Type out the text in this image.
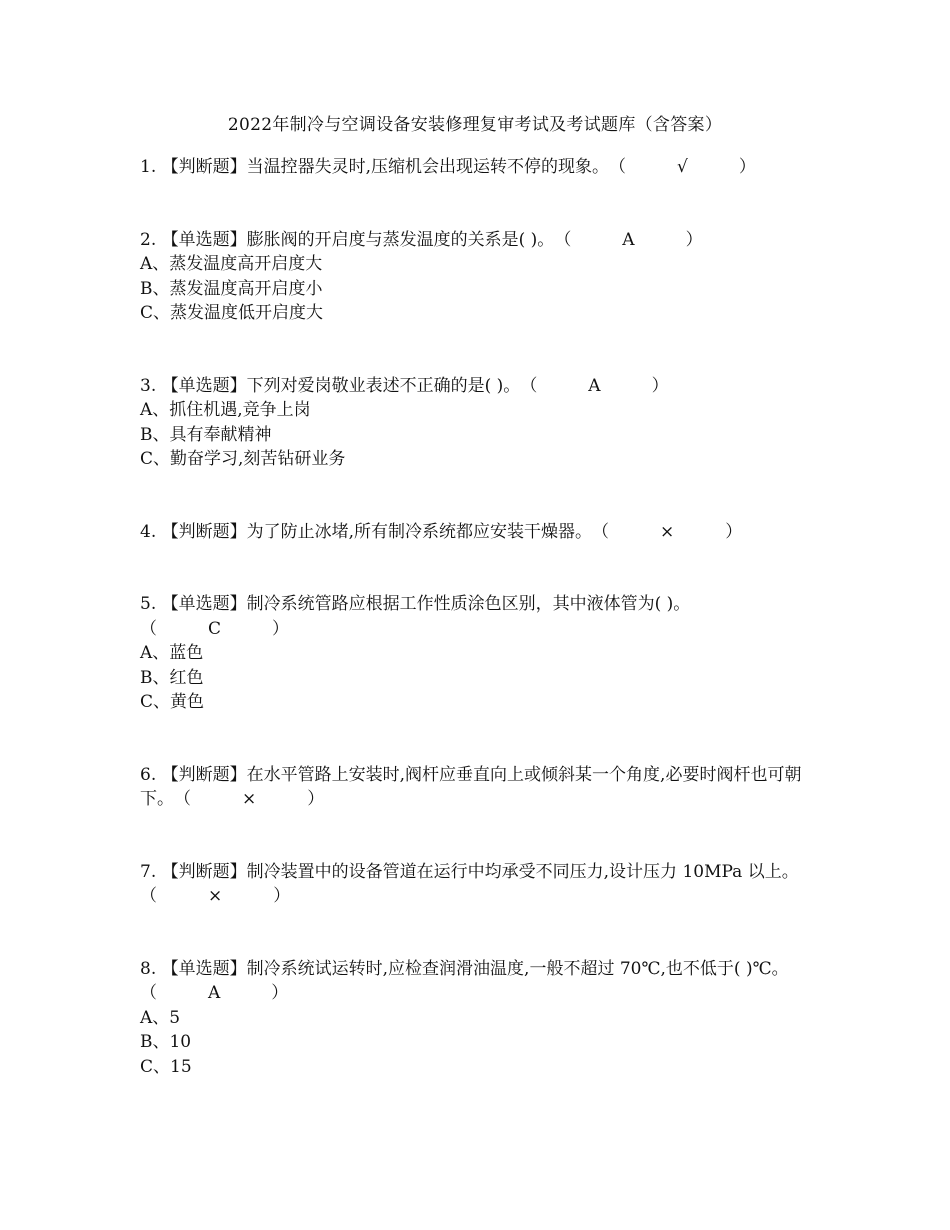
2022年制冷与空调设备安装修理复审考试及考试题库（含答案）
1. 【判断题】当温控器失灵时,压缩机会出现运转不停的现象。（　　　√　　　）
2. 【单选题】膨胀阀的开启度与蒸发温度的关系是( )。（　　　A　　　）
A、蒸发温度高开启度大
B、蒸发温度高开启度小
C、蒸发温度低开启度大
3. 【单选题】下列对爱岗敬业表述不正确的是( )。（　　　A　　　）
A、抓住机遇,竞争上岗
B、具有奉献精神
C、勤奋学习,刻苦钻研业务
4. 【判断题】为了防止冰堵,所有制冷系统都应安装干燥器。（　　　×　　　）
5. 【单选题】制冷系统管路应根据工作性质涂色区别，其中液体管为( )。
（　　　C　　　）
A、蓝色
B、红色
C、黄色
6. 【判断题】在水平管路上安装时,阀杆应垂直向上或倾斜某一个角度,必要时阀杆也可朝下。（　　　×　　　）
7. 【判断题】制冷装置中的设备管道在运行中均承受不同压力,设计压力 10MPa 以上。（　　　×　　　）
8. 【单选题】制冷系统试运转时,应检查润滑油温度,一般不超过 70℃,也不低于( )℃。（　　　A　　　）
A、5
B、10
C、15
